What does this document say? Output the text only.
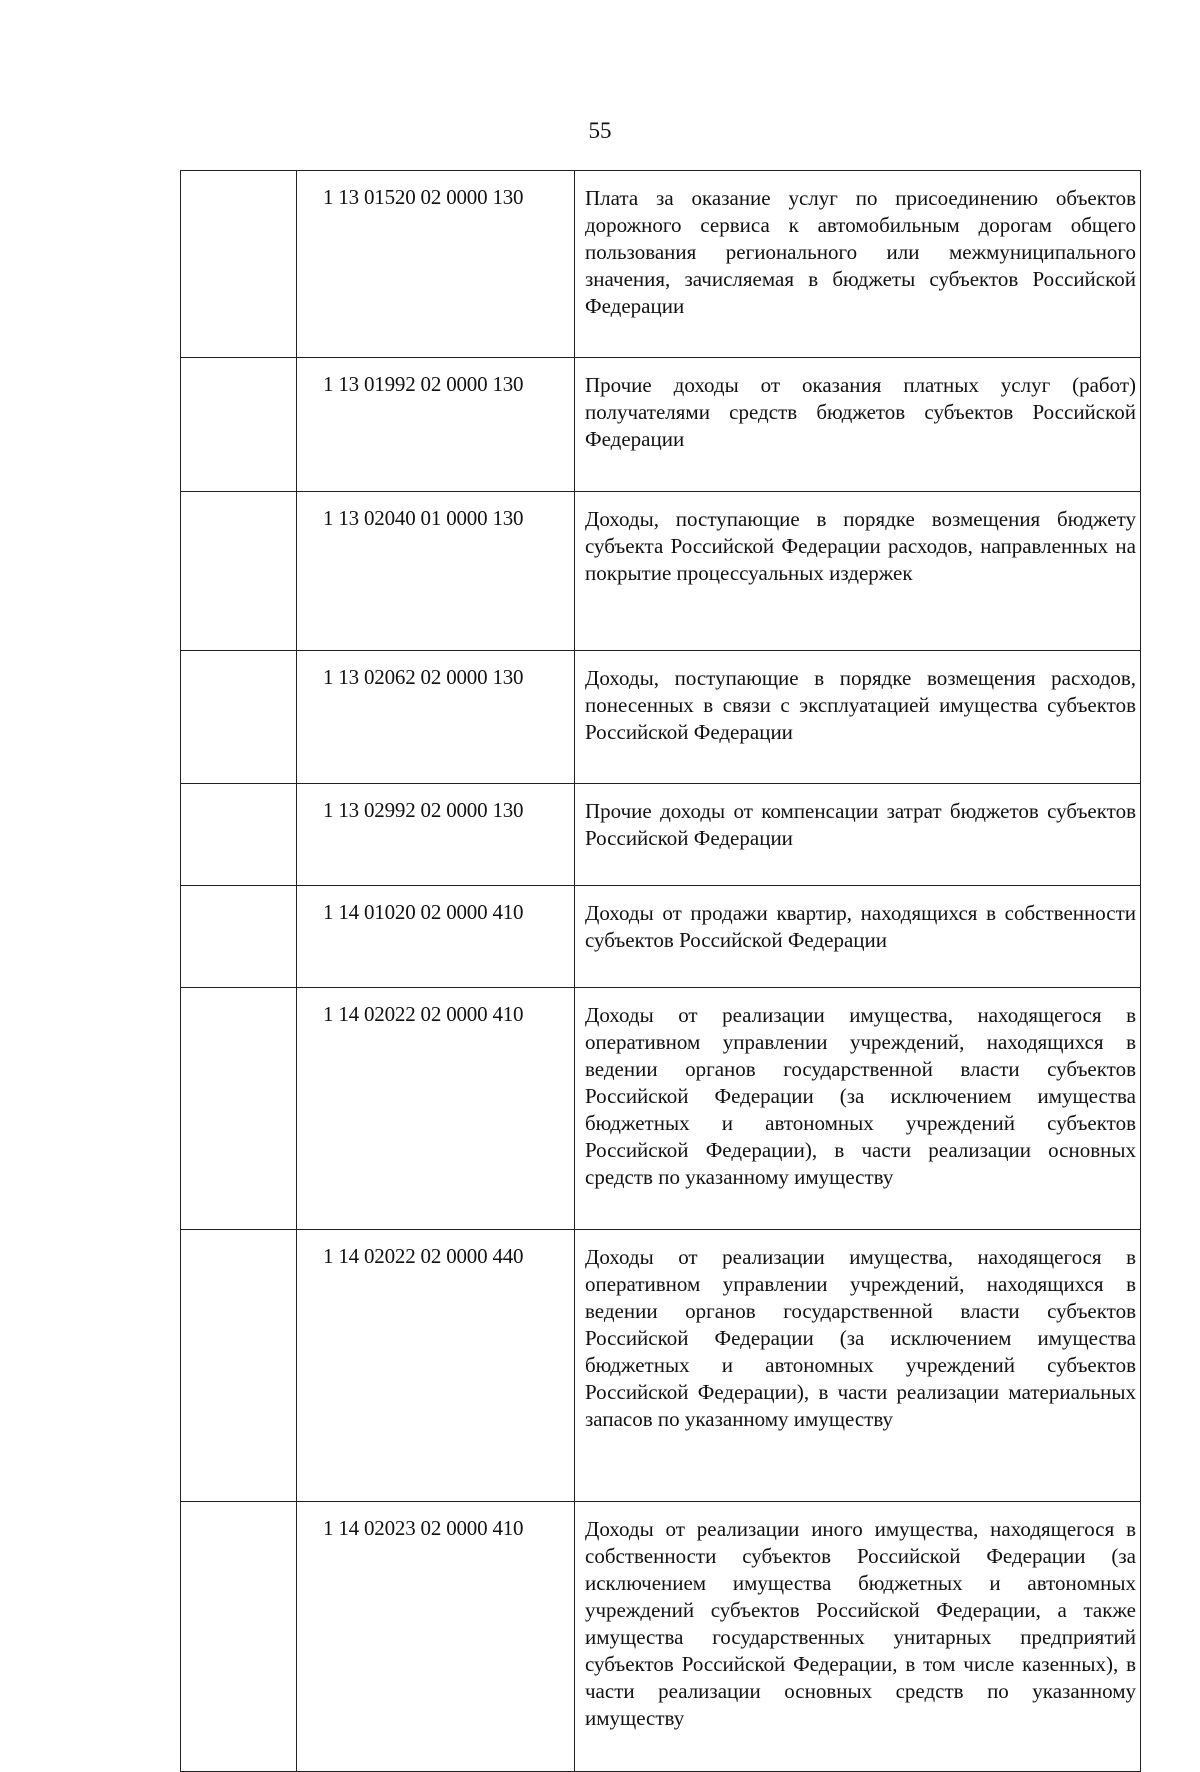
55
	1 13 01520 02 0000 130	Плата за оказание услуг по присоединению объектов дорожного сервиса к автомобильным дорогам общего пользования регионального или межмуниципального значения, зачисляемая в бюджеты субъектов Российской Федерации
	1 13 01992 02 0000 130	Прочие доходы от оказания платных услуг (работ) получателями средств бюджетов субъектов Российской Федерации
	1 13 02040 01 0000 130	Доходы, поступающие в порядке возмещения бюджету субъекта Российской Федерации расходов, направленных на покрытие процессуальных издержек
	1 13 02062 02 0000 130	Доходы, поступающие в порядке возмещения расходов, понесенных в связи с эксплуатацией имущества субъектов Российской Федерации
	1 13 02992 02 0000 130	Прочие доходы от компенсации затрат бюджетов субъектов Российской Федерации
	1 14 01020 02 0000 410	Доходы от продажи квартир, находящихся в собственности субъектов Российской Федерации
	1 14 02022 02 0000 410	Доходы от реализации имущества, находящегося в оперативном управлении учреждений, находящихся в ведении органов государственной власти субъектов Российской Федерации (за исключением имущества бюджетных и автономных учреждений субъектов Российской Федерации), в части реализации основных средств по указанному имуществу
	1 14 02022 02 0000 440	Доходы от реализации имущества, находящегося в оперативном управлении учреждений, находящихся в ведении органов государственной власти субъектов Российской Федерации (за исключением имущества бюджетных и автономных учреждений субъектов Российской Федерации), в части реализации материальных запасов по указанному имуществу
	1 14 02023 02 0000 410	Доходы от реализации иного имущества, находящегося в собственности субъектов Российской Федерации (за исключением имущества бюджетных и автономных учреждений субъектов Российской Федерации, а также имущества государственных унитарных предприятий субъектов Российской Федерации, в том числе казенных), в части реализации основных средств по указанному имуществу
